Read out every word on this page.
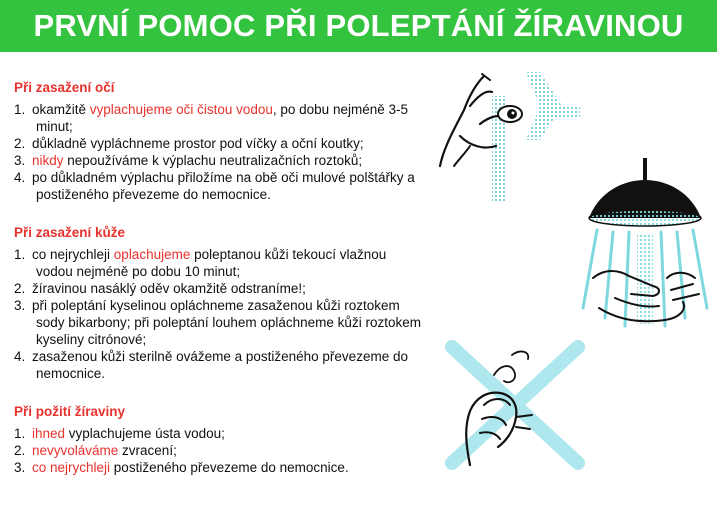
PRVNÍ POMOC PŘI POLEPTÁNÍ ŽÍRAVINOU
Při zasažení očí
1. okamžitě vyplachujeme oči čistou vodou, po dobu nejméně 3-5 minut;
2. důkladně vypláchneme prostor pod víčky a oční koutky;
3. nikdy nepoužíváme k výplachu neutralizačních roztoků;
4. po důkladném výplachu přiložíme na obě oči mulové polštářky a postiženého převezeme do nemocnice.
Při zasažení kůže
1. co nejrychleji oplachujeme poleptanou kůži tekoucí vlažnou vodou nejméně po dobu 10 minut;
2. žíravinou nasáklý oděv okamžitě odstraníme!;
3. při poleptání kyselinou opláchneme zasaženou kůži roztokem sody bikarbony; při poleptání louhem opláchneme kůži roztokem kyseliny citrónové;
4. zasaženou kůži sterilně ovážeme a postiženého převezeme do nemocnice.
Při požití žíraviny
1. ihned vyplachujeme ústa vodou;
2. nevyvoláváme zvracení;
3. co nejrychleji postiženého převezeme do nemocnice.
